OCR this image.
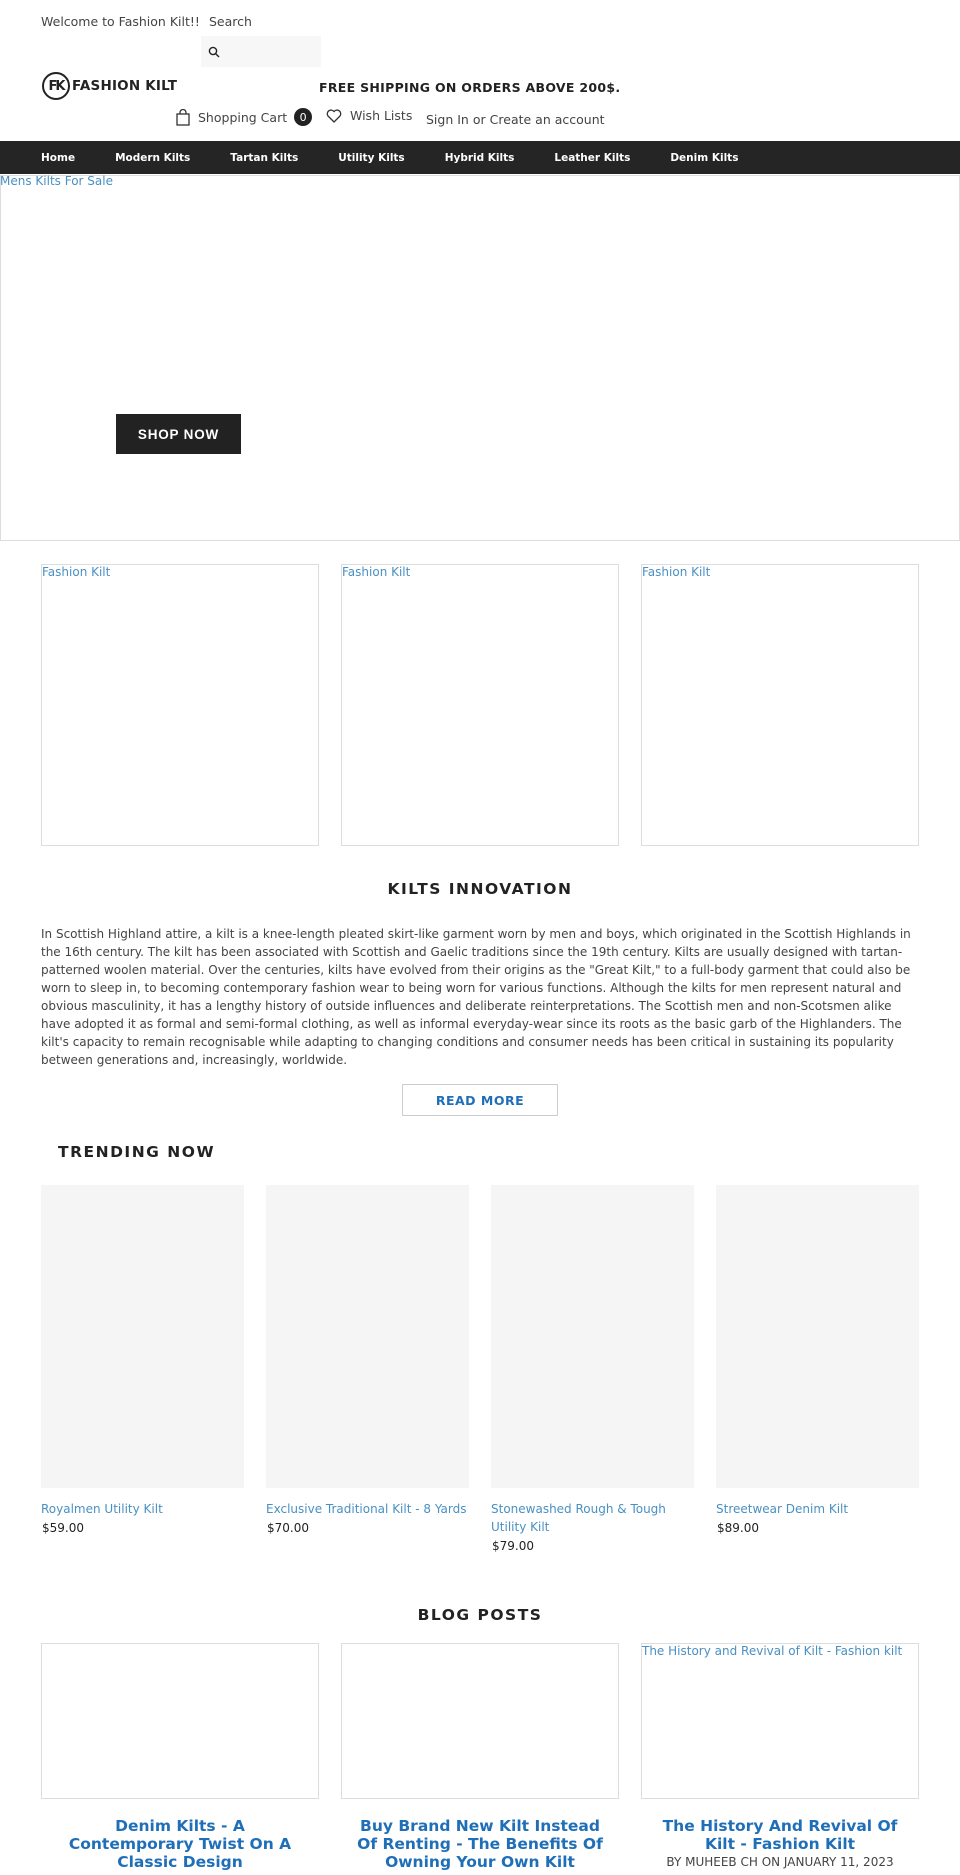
Welcome to Fashion Kilt!! Search
FK FASHION KILT	FREE SHIPPING ON ORDERS ABOVE 200$.
Shopping Cart	0	Wish Lists Sign In or Create an account
Home	Modern Kilts	Tartan Kilts	Utility Kilts	Hybrid Kilts	Leather Kilts	Denim Kilts
Mens Kilts For Sale
SHOP NOW
Fashion Kilt	Fashion Kilt	Fashion Kilt
KILTS INNOVATION
In Scottish Highland attire, a kilt is a knee-length pleated skirt-like garment worn by men and boys, which originated in the Scottish Highlands in the 16th century. The kilt has been associated with Scottish and Gaelic traditions since the 19th century. Kilts are usually designed with tartan-patterned woolen material. Over the centuries, kilts have evolved from their origins as the "Great Kilt," to a full-body garment that could also be worn to sleep in, to becoming contemporary fashion wear to being worn for various functions. Although the kilts for men represent natural and obvious masculinity, it has a lengthy history of outside influences and deliberate reinterpretations. The Scottish men and non-Scotsmen alike have adopted it as formal and semi-formal clothing, as well as informal everyday-wear since its roots as the basic garb of the Highlanders. The kilt's capacity to remain recognisable while adapting to changing conditions and consumer needs has been critical in sustaining its popularity between generations and, increasingly, worldwide.
READ MORE
TRENDING NOW
Royalmen Utility Kilt
$59.00
Exclusive Traditional Kilt - 8 Yards
$70.00
Stonewashed Rough & Tough Utility Kilt
$79.00
Streetwear Denim Kilt
$89.00
BLOG POSTS
Denim Kilts - A Contemporary Twist On A Classic Design
Buy Brand New Kilt Instead Of Renting - The Benefits Of Owning Your Own Kilt
The History and Revival of Kilt - Fashion kilt
The History And Revival Of Kilt - Fashion Kilt
BY MUHEEB CH ON JANUARY 11, 2023
